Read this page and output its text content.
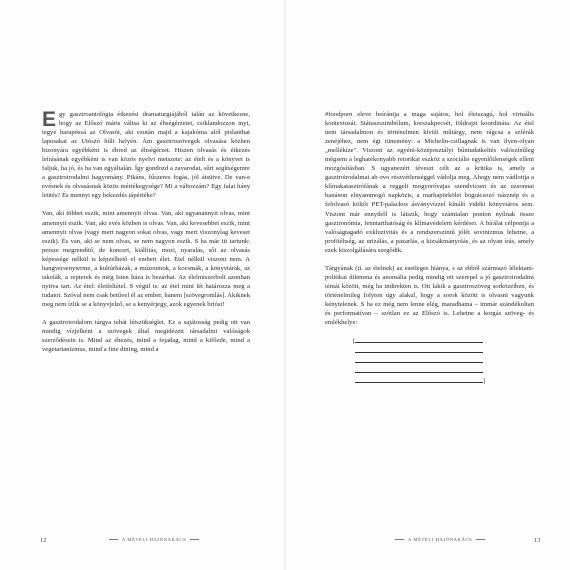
Egy gasztroantológia étkezési dramaturgiájából talán az következne, hogy az Előszó máris váltsa ki az éhségérzetet, csiklandozzon inyt, tegye harapóssá az Olvasót, aki ezután majd a kajakóma alól pislanthat laposakat az Utószó hűlt helyén. Ám gasztroszövegek olvasása közben bizonyára egyébként is ébred az éhségérzet. Hiszen olvasás és étkezés leírásának egyébként is van közös nyelvi metszete: az ételt és a könyvet is faljuk, ha jó, és ha van egyáltalán. Így gondozd a zavarodat, sűrt segítségemre a gasztroirodalmi hagyomány. Pikáns, fűszeres fogás, jól átsütve. De van-e evésnek és olvasásnak közös mértékegysége? Mi a változzám? Egy falat hány leütés? És mennyi egy bekezdés tápértéke?

Van, aki többet eszik, mint amennyit olvas. Van, aki ugyanannyit olvas, mint amennyit eszik. Van, aki evés közben is olvas. Van, aki kevesebbet eszik, mint amennyit olvas (vagy mert nagyon sokat olvas, vagy mert viszonylag keveset eszik). És van, aki se nem olvas, se nem nagyon eszik. S ha már itt tartunk: persze megrendítő, de koncert, kiállítás, mozi, nyaralás, sőt az olvasás képessége nélkül is képzelhető el emberi élet. Étel nélkül viszont nem. A hangversenyterme, a kultúrházak, a múzeumok, a kocsmák, a könyvtárak, az iskolák, a repterek és még Isten háza is bezárhat. Az élelmiszerbolt azonban nyitva tart. Az étel: életfeltétel. S végül is: az étel mint lét határozza meg a tudatot. Szóval nem csak betűvel él az ember, hanem [szövegromlás]. Akiknek meg nem ízlik se a könyvjelző, se a kenyérjegy, azok egyenek brióst!

A gasztroirodalom tárgya tehát létszükséglet. Ez a sajátosság pedig ott van mindig vízjelként a szövegek által megidézett társadalmi valóságok szerződésein is. Mind az éhezés, mind a fejadag, mind a kifőzde, mind a vegetarianizmus, mind a fine dining, mind a

12	A MÉTELI HAJÓNAKÁCS

#foodporn eleve beírántja a maga sajátos, hol életszagú, hol virtuális kontextusát. Státuszszimbólum, korszakpecsét, földrajzi koordináta. Az étel nem társadalmon és történelmen kívüli műtárgy, nem rágcsa a szférák zenéjéhez, nem égi tünemény: a Michelin-csillagnak is van ilyen-olyan „mellékíze". Viszont az egyéni-középosztályi bűntudatkeltés valószínűleg mégsem a leghatékonyabb retorikai eszköz a szociális egyenlőtlenségek elleni mozgósításban. S ugyanezért téveszt célt az a kritika is, amely a gasztroirodalmat ab ovo részvétlenséggel vádolja meg. Ahogy nem vádlottja a klímakatasztrófának a reggeli mogyoróvajas szendvicsen és az uzsonnai banánon elnyammogó napközis, a marhapörkölet bográcsozó násznép és a felolvasó költőt PET-palackos ásványvízzel kínáló vidéki könyvtáros sem. Viszont már ennyiből is látszik, hogy számtalan ponton nyílnak össze gasztronómia, fenntarthatóság és klímavédelem kérdései. A bírálat célpontja a valóságtagadó exkluzivitás és a rendszerszintű jólét sovinizmus lehetne, a profitéhség, az urizálás, a pazarlás, a kizsákmányolás, és az olyan írás, amely ezek kiszolgálására szegődik.

Tárgyának (ti. az ételnek) az esetleges hiánya, s az ebből származó lélektani-politikai dilemma és anomália pedig mindig ott szerepel a jó gasztroirodalmi témái között, még ha indirekten is. Ott lakik a gasztroszöveg sorközeiben, és történelmileg folyton úgy alakul, hogy a sorok között is olvasni vagyunk kénytelenek. S ha ez még nem lenne elég, maradhatna – immár szándékoltan és performatívan – szótlan ez az Előszó is. Lehetne a korgás szöveg- és emlékhelye:

[
]
A MÉTELI HAJÓNAKÁCS	13
